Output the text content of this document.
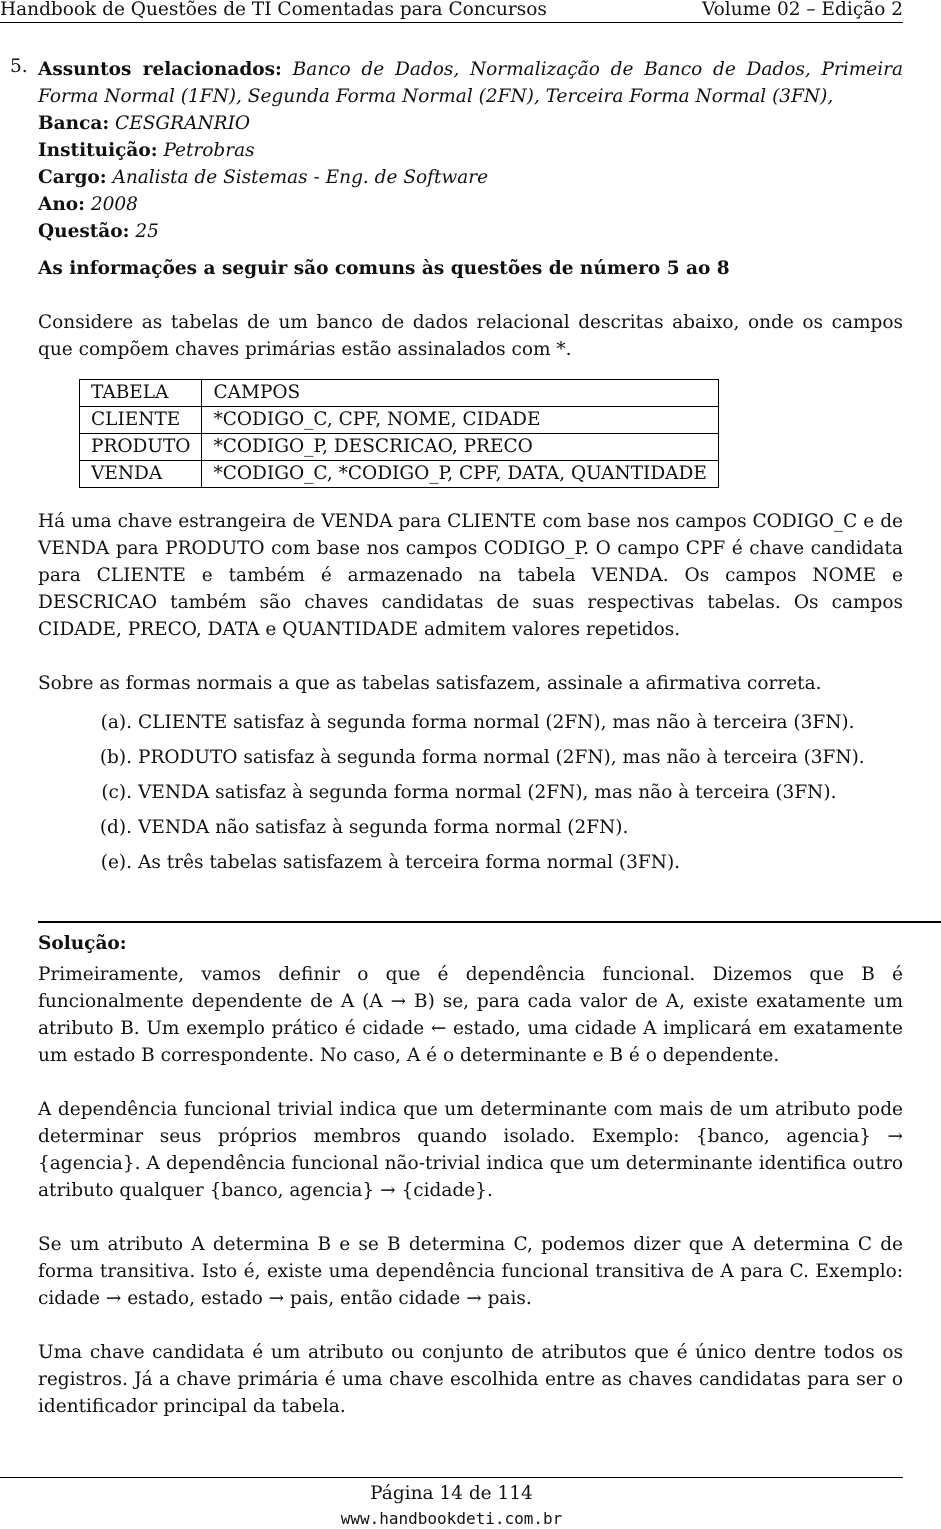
Handbook de Questões de TI Comentadas para Concursos	Volume 02 – Edição 2
5. Assuntos relacionados: Banco de Dados, Normalização de Banco de Dados, Primeira Forma Normal (1FN), Segunda Forma Normal (2FN), Terceira Forma Normal (3FN),
Banca: CESGRANRIO
Instituição: Petrobras
Cargo: Analista de Sistemas - Eng. de Software
Ano: 2008
Questão: 25
As informações a seguir são comuns às questões de número 5 ao 8
Considere as tabelas de um banco de dados relacional descritas abaixo, onde os campos que compõem chaves primárias estão assinalados com *.
TABELA	CAMPOS
CLIENTE	*CODIGO_C, CPF, NOME, CIDADE
PRODUTO	*CODIGO_P, DESCRICAO, PRECO
VENDA	*CODIGO_C, *CODIGO_P, CPF, DATA, QUANTIDADE
Há uma chave estrangeira de VENDA para CLIENTE com base nos campos CODIGO_C e de VENDA para PRODUTO com base nos campos CODIGO_P. O campo CPF é chave candidata para CLIENTE e também é armazenado na tabela VENDA. Os campos NOME e DESCRICAO também são chaves candidatas de suas respectivas tabelas. Os campos CIDADE, PRECO, DATA e QUANTIDADE admitem valores repetidos.
Sobre as formas normais a que as tabelas satisfazem, assinale a afirmativa correta.
(a). CLIENTE satisfaz à segunda forma normal (2FN), mas não à terceira (3FN).
(b). PRODUTO satisfaz à segunda forma normal (2FN), mas não à terceira (3FN).
(c). VENDA satisfaz à segunda forma normal (2FN), mas não à terceira (3FN).
(d). VENDA não satisfaz à segunda forma normal (2FN).
(e). As três tabelas satisfazem à terceira forma normal (3FN).
Solução:
Primeiramente, vamos definir o que é dependência funcional. Dizemos que B é funcionalmente dependente de A (A → B) se, para cada valor de A, existe exatamente um atributo B. Um exemplo prático é cidade ← estado, uma cidade A implicará em exatamente um estado B correspondente. No caso, A é o determinante e B é o dependente.
A dependência funcional trivial indica que um determinante com mais de um atributo pode determinar seus próprios membros quando isolado. Exemplo: {banco, agencia} → {agencia}. A dependência funcional não-trivial indica que um determinante identifica outro atributo qualquer {banco, agencia} → {cidade}.
Se um atributo A determina B e se B determina C, podemos dizer que A determina C de forma transitiva. Isto é, existe uma dependência funcional transitiva de A para C. Exemplo: cidade → estado, estado → pais, então cidade → pais.
Uma chave candidata é um atributo ou conjunto de atributos que é único dentre todos os registros. Já a chave primária é uma chave escolhida entre as chaves candidatas para ser o identificador principal da tabela.
Página 14 de 114
www.handbookdeti.com.br
